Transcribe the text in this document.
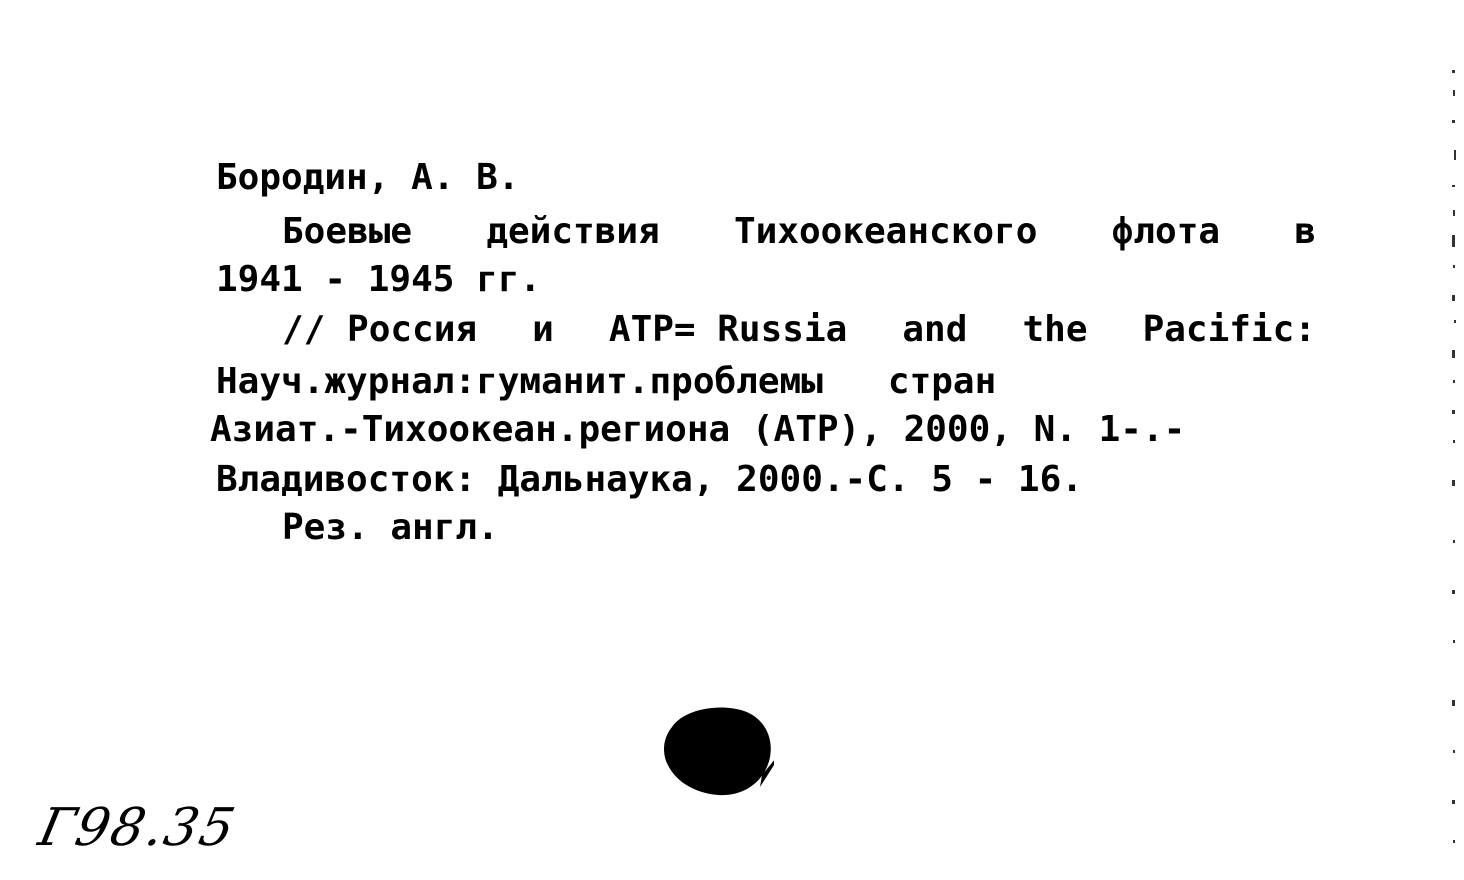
Бородин, А. В.
Боевые действия Тихоокеанского флота в
1941 - 1945 гг.
// Россия и АТР= Russia and the Pacific:
Науч.журнал:гуманит.проблемы   стран
Азиат.-Тихоокеан.региона (АТР), 2000, N. 1-.-
Владивосток: Дальнаука, 2000.-С. 5 - 16.
Рез. англ.
Г98.35
